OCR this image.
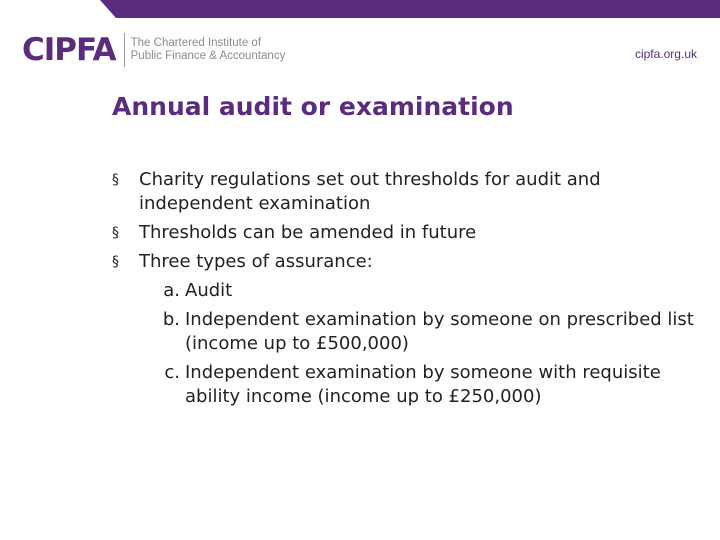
CIPFA The Chartered Institute of
Public Finance & Accountancy	cipfa.org.uk
Annual audit or examination
§ Charity regulations set out thresholds for audit and independent examination
§ Thresholds can be amended in future
§ Three types of assurance:
a. Audit
b. Independent examination by someone on prescribed list (income up to £500,000)
c. Independent examination by someone with requisite ability income (income up to £250,000)
